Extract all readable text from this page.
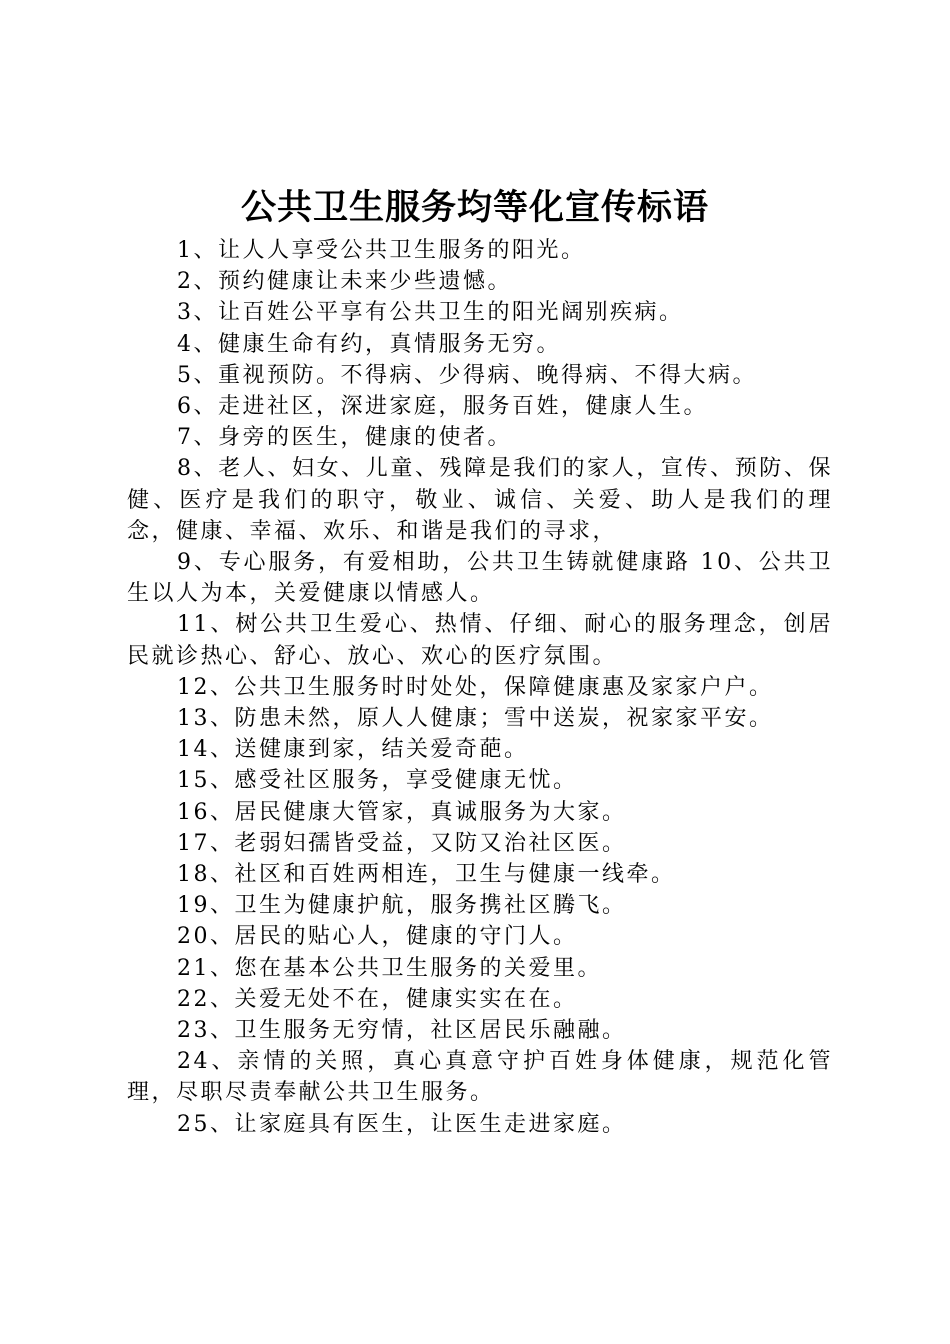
公共卫生服务均等化宣传标语

1、让人人享受公共卫生服务的阳光。

2、预约健康让未来少些遗憾。

3、让百姓公平享有公共卫生的阳光阔别疾病。

4、健康生命有约，真情服务无穷。

5、重视预防。不得病、少得病、晚得病、不得大病。

6、走进社区，深进家庭，服务百姓，健康人生。

7、身旁的医生，健康的使者。

8、老人、妇女、儿童、残障是我们的家人，宣传、预防、保健、医疗是我们的职守，敬业、诚信、关爱、助人是我们的理念，健康、幸福、欢乐、和谐是我们的寻求，

9、专心服务，有爱相助，公共卫生铸就健康路 10、公共卫生以人为本，关爱健康以情感人。

11、树公共卫生爱心、热情、仔细、耐心的服务理念，创居民就诊热心、舒心、放心、欢心的医疗氛围。

12、公共卫生服务时时处处，保障健康惠及家家户户。

13、防患未然，原人人健康；雪中送炭，祝家家平安。

14、送健康到家，结关爱奇葩。

15、感受社区服务，享受健康无忧。

16、居民健康大管家，真诚服务为大家。

17、老弱妇孺皆受益，又防又治社区医。

18、社区和百姓两相连，卫生与健康一线牵。

19、卫生为健康护航，服务携社区腾飞。

20、居民的贴心人，健康的守门人。

21、您在基本公共卫生服务的关爱里。

22、关爱无处不在，健康实实在在。

23、卫生服务无穷情，社区居民乐融融。

24、亲情的关照，真心真意守护百姓身体健康，规范化管理，尽职尽责奉献公共卫生服务。

25、让家庭具有医生，让医生走进家庭。
